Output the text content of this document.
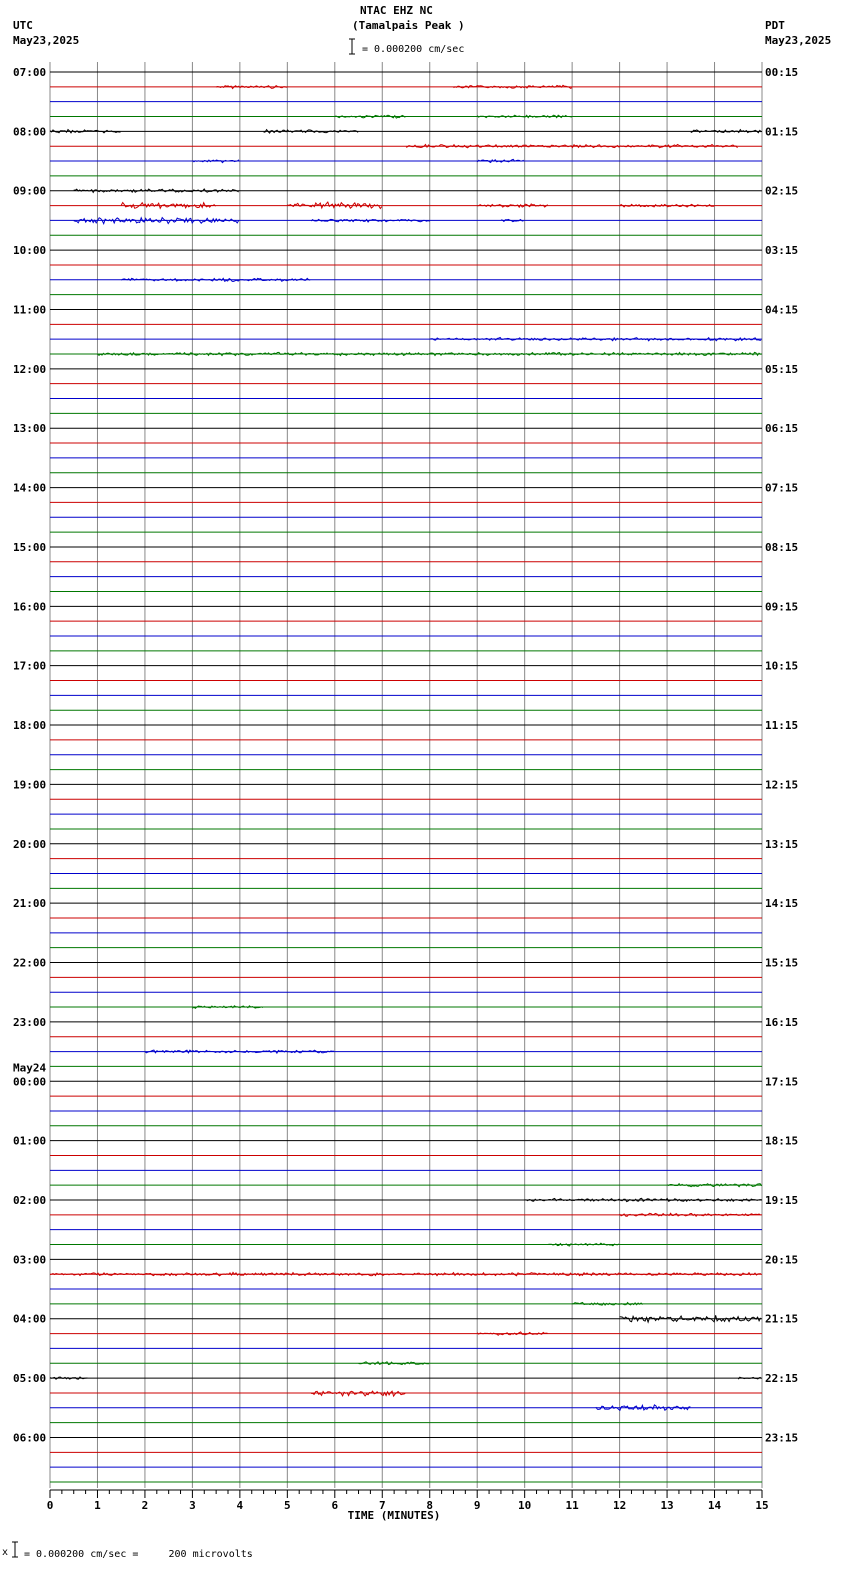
NTAC EHZ NC
(Tamalpais Peak )
UTC
May23,2025
PDT
May23,2025
= 0.000200 cm/sec
07:00	00:15
08:00	01:15
09:00	02:15
10:00	03:15
11:00	04:15
12:00	05:15
13:00	06:15
14:00	07:15
15:00	08:15
16:00	09:15
17:00	10:15
18:00	11:15
19:00	12:15
20:00	13:15
21:00	14:15
22:00	15:15
23:00	16:15
00:00	17:15
May24
01:00	18:15
02:00	19:15
03:00	20:15
04:00	21:15
05:00	22:15
06:00	23:15
0	1	2	3	4	5	6	7	8	9	10	11	12	13	14	15
TIME (MINUTES)
x = 0.000200 cm/sec =     200 microvolts
